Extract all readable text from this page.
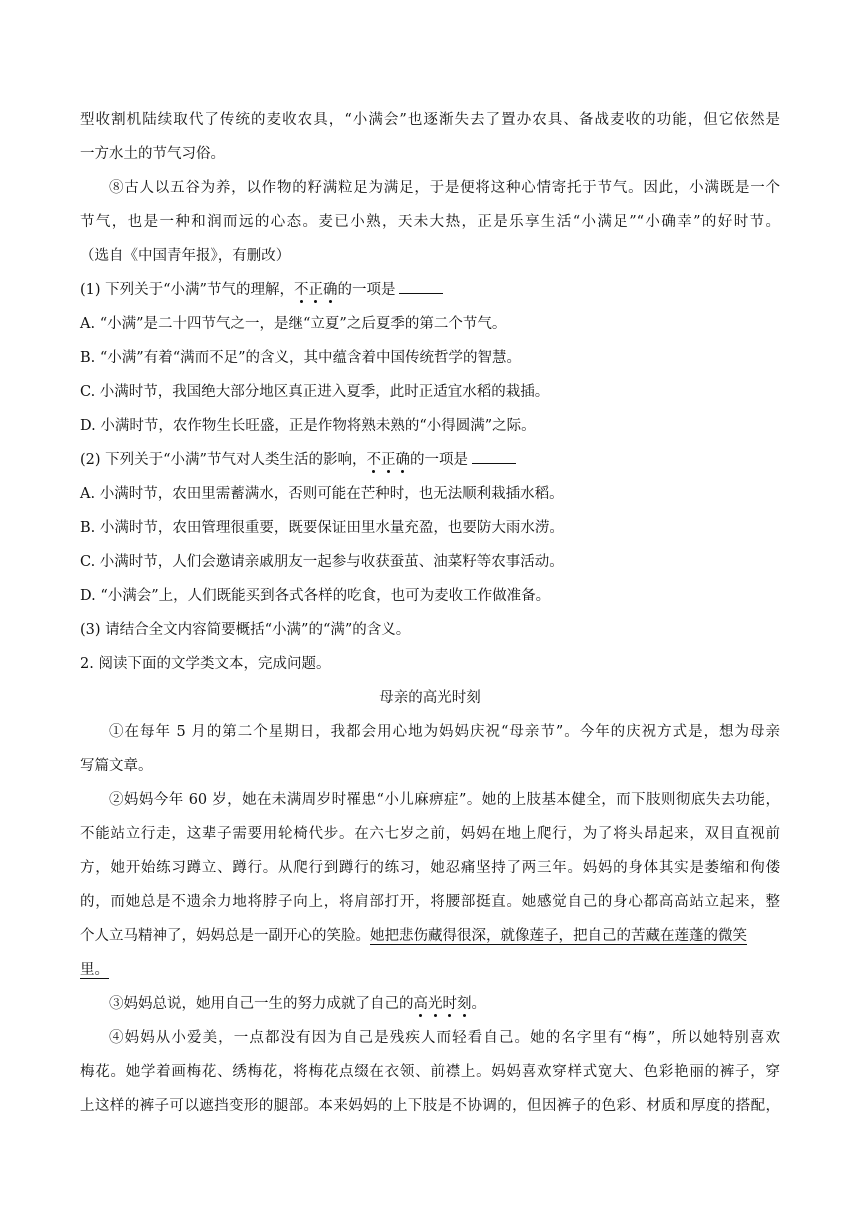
型收割机陆续取代了传统的麦收农具，“小满会”也逐渐失去了置办农具、备战麦收的功能，但它依然是
一方水土的节气习俗。
⑧古人以五谷为养，以作物的籽满粒足为满足，于是便将这种心情寄托于节气。因此，小满既是一个
节气，也是一种和润而远的心态。麦已小熟，天未大热，正是乐享生活“小满足”“小确幸”的好时节。
（选自《中国青年报》，有删改）
(1) 下列关于“小满”节气的理解，不正确的一项是
A. “小满”是二十四节气之一，是继“立夏”之后夏季的第二个节气。
B. “小满”有着“满而不足”的含义，其中蕴含着中国传统哲学的智慧。
C. 小满时节，我国绝大部分地区真正进入夏季，此时正适宜水稻的栽插。
D. 小满时节，农作物生长旺盛，正是作物将熟未熟的“小得圆满”之际。
(2) 下列关于“小满”节气对人类生活的影响，不正确的一项是
A. 小满时节，农田里需蓄满水，否则可能在芒种时，也无法顺利栽插水稻。
B. 小满时节，农田管理很重要，既要保证田里水量充盈，也要防大雨水涝。
C. 小满时节，人们会邀请亲戚朋友一起参与收获蚕茧、油菜籽等农事活动。
D. “小满会”上，人们既能买到各式各样的吃食，也可为麦收工作做准备。
(3) 请结合全文内容简要概括“小满”的“满”的含义。
2. 阅读下面的文学类文本，完成问题。
母亲的高光时刻
①在每年 5 月的第二个星期日，我都会用心地为妈妈庆祝“母亲节”。今年的庆祝方式是，想为母亲
写篇文章。
②妈妈今年 60 岁，她在未满周岁时罹患“小儿麻痹症”。她的上肢基本健全，而下肢则彻底失去功能，
不能站立行走，这辈子需要用轮椅代步。在六七岁之前，妈妈在地上爬行，为了将头昂起来，双目直视前
方，她开始练习蹲立、蹲行。从爬行到蹲行的练习，她忍痛坚持了两三年。妈妈的身体其实是萎缩和佝偻
的，而她总是不遗余力地将脖子向上，将肩部打开，将腰部挺直。她感觉自己的身心都高高站立起来，整
个人立马精神了，妈妈总是一副开心的笑脸。她把悲伤藏得很深，就像莲子，把自己的苦藏在莲蓬的微笑
里。
③妈妈总说，她用自己一生的努力成就了自己的高光时刻。
④妈妈从小爱美，一点都没有因为自己是残疾人而轻看自己。她的名字里有“梅”，所以她特别喜欢
梅花。她学着画梅花、绣梅花，将梅花点缀在衣领、前襟上。妈妈喜欢穿样式宽大、色彩艳丽的裤子，穿
上这样的裤子可以遮挡变形的腿部。本来妈妈的上下肢是不协调的，但因裤子的色彩、材质和厚度的搭配，
